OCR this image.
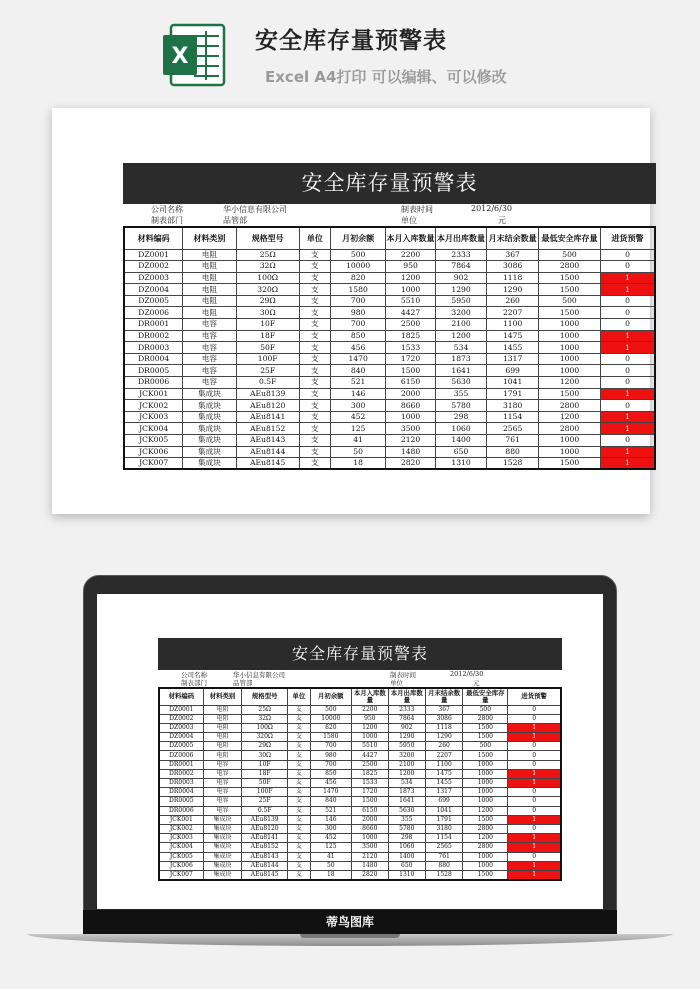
X
安全库存量预警表
Excel A4打印 可以编辑、可以修改
安全库存量预警表
公司名称	华小信息有限公司
制表部门	品管部
制表时间	2012/6/30
单位	元
材料编码	材料类别	规格型号	单位	月初余额	本月入库数量	本月出库数量	月末结余数量	最低安全库存量	进货预警
DZ0001	电阻	25Ω	支	500	2200	2333	367	500	0
DZ0002	电阻	32Ω	支	10000	950	7864	3086	2800	0
DZ0003	电阻	100Ω	支	820	1200	902	1118	1500	1
DZ0004	电阻	320Ω	支	1580	1000	1290	1290	1500	1
DZ0005	电阻	29Ω	支	700	5510	5950	260	500	0
DZ0006	电阻	30Ω	支	980	4427	3200	2207	1500	0
DR0001	电容	10F	支	700	2500	2100	1100	1000	0
DR0002	电容	18F	支	850	1825	1200	1475	1000	1
DR0003	电容	50F	支	456	1533	534	1455	1000	1
DR0004	电容	100F	支	1470	1720	1873	1317	1000	0
DR0005	电容	25F	支	840	1500	1641	699	1000	0
DR0006	电容	0.5F	支	521	6150	5630	1041	1200	0
JCK001	集成块	AEu8139	支	146	2000	355	1791	1500	1
JCK002	集成块	AEu8120	支	300	8660	5780	3180	2800	0
JCK003	集成块	AEu8141	支	452	1000	298	1154	1200	1
JCK004	集成块	AEu8152	支	125	3500	1060	2565	2800	1
JCK005	集成块	AEu8143	支	41	2120	1400	761	1000	0
JCK006	集成块	AEu8144	支	50	1480	650	880	1000	1
JCK007	集成块	AEu8145	支	18	2820	1310	1528	1500	1
安全库存量预警表
公司名称	华小信息有限公司
制表部门	品管部
制表时间	2012/6/30
单位	元
材料编码	材料类别	规格型号	单位	月初余额	本月入库数量	本月出库数量	月末结余数量	最低安全库存量	进货预警
DZ0001	电阻	25Ω	支	500	2200	2333	367	500	0
DZ0002	电阻	32Ω	支	10000	950	7864	3086	2800	0
DZ0003	电阻	100Ω	支	820	1200	902	1118	1500	1
DZ0004	电阻	320Ω	支	1580	1000	1290	1290	1500	1
DZ0005	电阻	29Ω	支	700	5510	5950	260	500	0
DZ0006	电阻	30Ω	支	980	4427	3200	2207	1500	0
DR0001	电容	10F	支	700	2500	2100	1100	1000	0
DR0002	电容	18F	支	850	1825	1200	1475	1000	1
DR0003	电容	50F	支	456	1533	534	1455	1000	1
DR0004	电容	100F	支	1470	1720	1873	1317	1000	0
DR0005	电容	25F	支	840	1500	1641	699	1000	0
DR0006	电容	0.5F	支	521	6150	5630	1041	1200	0
JCK001	集成块	AEu8139	支	146	2000	355	1791	1500	1
JCK002	集成块	AEu8120	支	300	8660	5780	3180	2800	0
JCK003	集成块	AEu8141	支	452	1000	298	1154	1200	1
JCK004	集成块	AEu8152	支	125	3500	1060	2565	2800	1
JCK005	集成块	AEu8143	支	41	2120	1400	761	1000	0
JCK006	集成块	AEu8144	支	50	1480	650	880	1000	1
JCK007	集成块	AEu8145	支	18	2820	1310	1528	1500	1
蒂鸟图库
